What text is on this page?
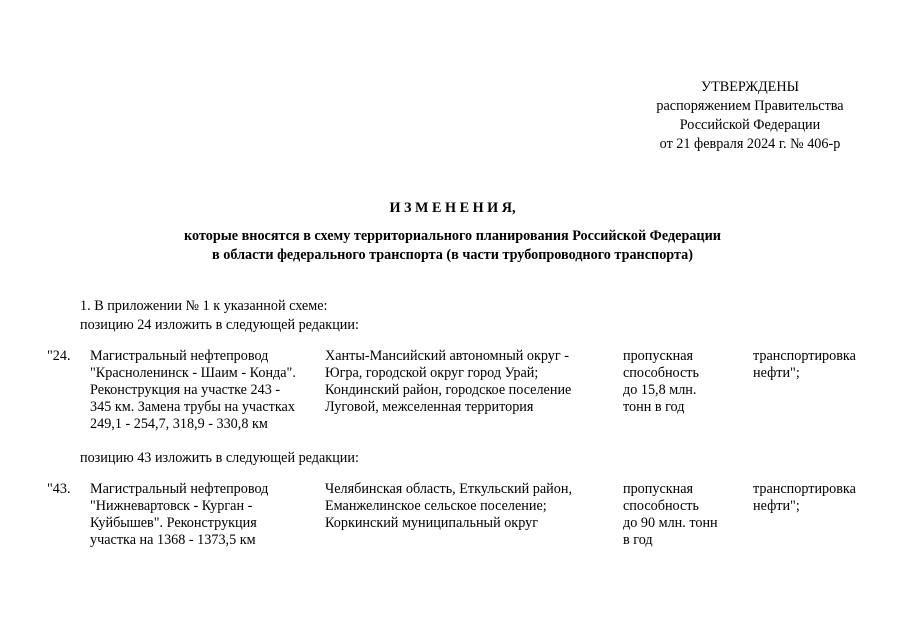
УТВЕРЖДЕНЫ
распоряжением Правительства
Российской Федерации
от 21 февраля 2024 г. № 406-р
И З М Е Н Е Н И Я,
которые вносятся в схему территориального планирования Российской Федерации
в области федерального транспорта (в части трубопроводного транспорта)
1. В приложении № 1 к указанной схеме:
позицию 24 изложить в следующей редакции:
"24. Магистральный нефтепровод
"Красноленинск - Шаим - Конда".
Реконструкция на участке 243 -
345 км. Замена трубы на участках
249,1 - 254,7, 318,9 - 330,8 км
Ханты-Мансийский автономный округ -
Югра, городской округ город Урай;
Кондинский район, городское поселение
Луговой, межселенная территория
пропускная
способность
до 15,8 млн.
тонн в год
транспортировка
нефти";
позицию 43 изложить в следующей редакции:
"43. Магистральный нефтепровод
"Нижневартовск - Курган -
Куйбышев". Реконструкция
участка на 1368 - 1373,5 км
Челябинская область, Еткульский район,
Еманжелинское сельское поселение;
Коркинский муниципальный округ
пропускная
способность
до 90 млн. тонн
в год
транспортировка
нефти";
